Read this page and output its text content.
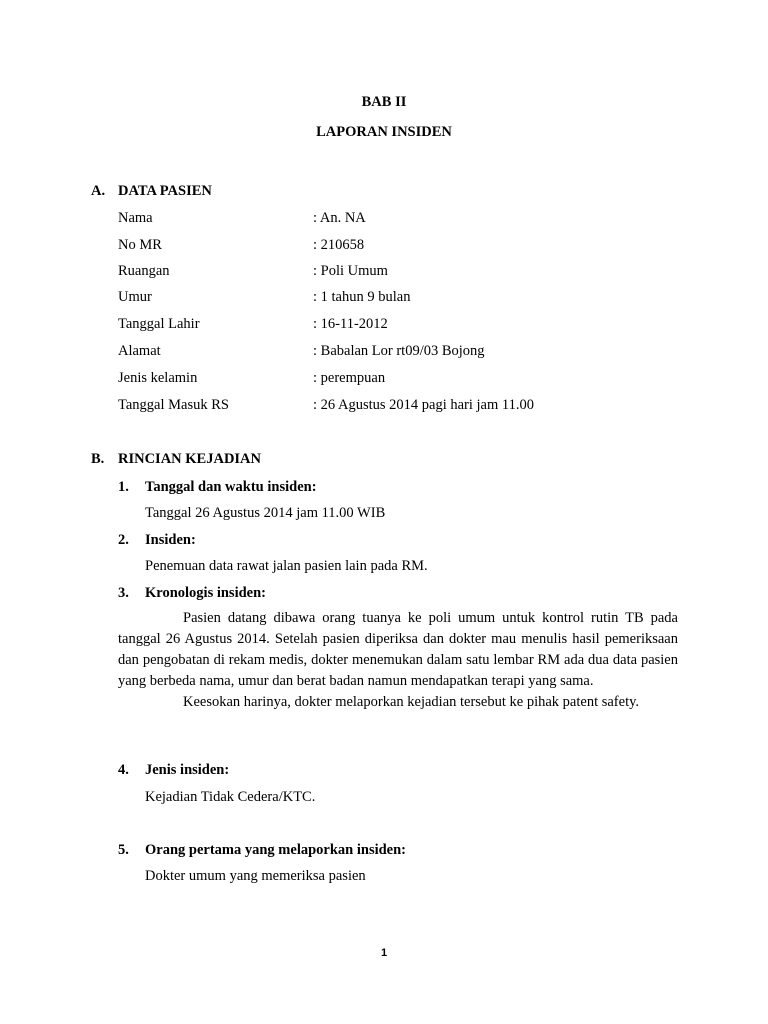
BAB II
LAPORAN INSIDEN
A. DATA PASIEN
Nama	: An. NA
No MR	: 210658
Ruangan	: Poli Umum
Umur	: 1 tahun 9 bulan
Tanggal Lahir	: 16-11-2012
Alamat	: Babalan Lor rt09/03 Bojong
Jenis kelamin	: perempuan
Tanggal Masuk RS	: 26 Agustus 2014 pagi hari jam 11.00
B. RINCIAN KEJADIAN
1. Tanggal dan waktu insiden:
Tanggal 26 Agustus 2014 jam 11.00 WIB
2. Insiden:
Penemuan data rawat jalan pasien lain pada RM.
3. Kronologis insiden:

Pasien datang dibawa orang tuanya ke poli umum untuk kontrol rutin TB pada tanggal 26 Agustus 2014. Setelah pasien diperiksa dan dokter mau menulis hasil pemeriksaan dan pengobatan di rekam medis, dokter menemukan dalam satu lembar RM ada dua data pasien yang berbeda nama, umur dan berat badan namun mendapatkan terapi yang sama.

Keesokan harinya, dokter melaporkan kejadian tersebut ke pihak patent safety.

4. Jenis insiden:
Kejadian Tidak Cedera/KTC.
5. Orang pertama yang melaporkan insiden:
Dokter umum yang memeriksa pasien
1
